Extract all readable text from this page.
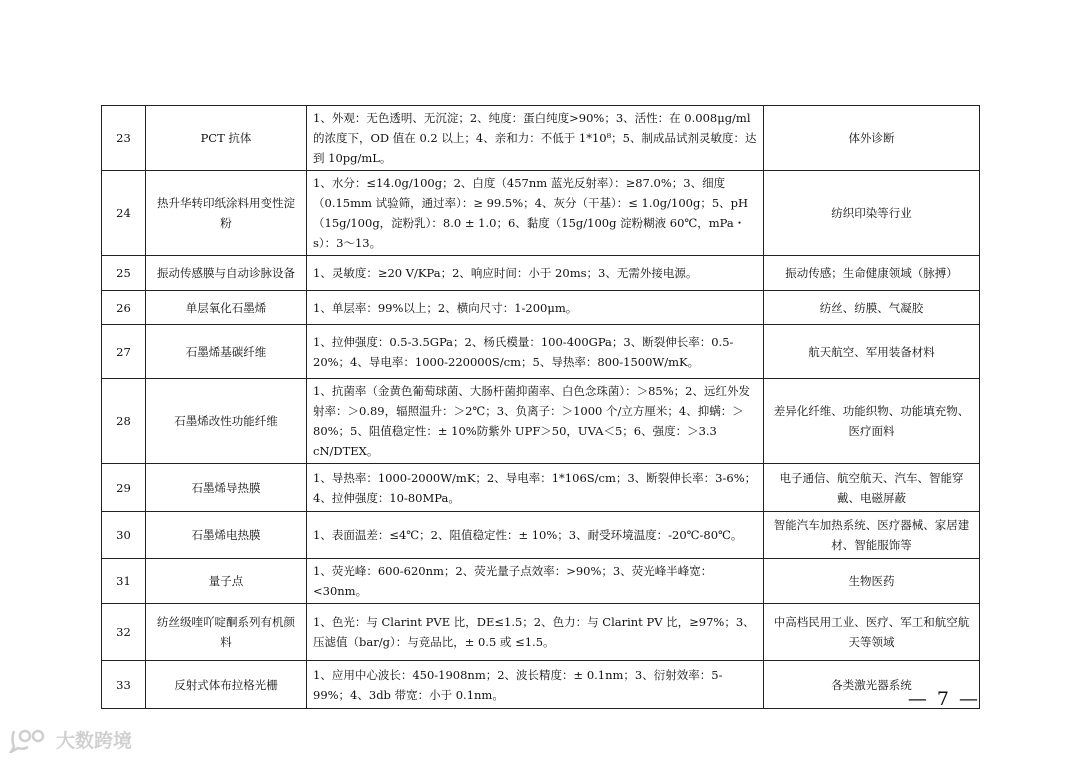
23	PCT 抗体	1、外观：无色透明、无沉淀；2、纯度：蛋白纯度>90%；3、活性：在 0.008μg/ml 的浓度下，OD 值在 0.2 以上；4、亲和力：不低于 1*10⁸；5、制成品试剂灵敏度：达到 10pg/mL。	体外诊断
24	热升华转印纸涂料用变性淀粉	1、水分：≤14.0g/100g；2、白度（457nm 蓝光反射率）：≥87.0%；3、细度（0.15mm 试验筛，通过率）：≥ 99.5%；4、灰分（干基）：≤ 1.0g/100g；5、pH（15g/100g，淀粉乳）：8.0 ± 1.0；6、黏度（15g/100g 淀粉糊液 60℃，mPa・s）：3～13。	纺织印染等行业
25	振动传感膜与自动诊脉设备	1、灵敏度：≥20 V/KPa；2、响应时间：小于 20ms；3、无需外接电源。	振动传感；生命健康领域（脉搏）
26	单层氧化石墨烯	1、单层率：99%以上；2、横向尺寸：1-200μm。	纺丝、纺膜、气凝胶
27	石墨烯基碳纤维	1、拉伸强度：0.5-3.5GPa；2、杨氏模量：100-400GPa；3、断裂伸长率：0.5-20%；4、导电率：1000-220000S/cm；5、导热率：800-1500W/mK。	航天航空、军用装备材料
28	石墨烯改性功能纤维	1、抗菌率（金黄色葡萄球菌、大肠杆菌抑菌率、白色念珠菌）：＞85%；2、远红外发射率：＞0.89，辐照温升：＞2℃；3、负离子：＞1000 个/立方厘米；4、抑螨：＞80%；5、阻值稳定性：± 10%防紫外 UPF＞50，UVA＜5；6、强度：＞3.3 cN/DTEX。	差异化纤维、功能织物、功能填充物、医疗面料
29	石墨烯导热膜	1、导热率：1000-2000W/mK；2、导电率：1*106S/cm；3、断裂伸长率：3-6%；4、拉伸强度：10-80MPa。	电子通信、航空航天、汽车、智能穿戴、电磁屏蔽
30	石墨烯电热膜	1、表面温差：≤4℃；2、阻值稳定性：± 10%；3、耐受环境温度：-20℃-80℃。	智能汽车加热系统、医疗器械、家居建材、智能服饰等
31	量子点	1、荧光峰：600-620nm；2、荧光量子点效率：>90%；3、荧光峰半峰宽：<30nm。	生物医药
32	纺丝级喹吖啶酮系列有机颜料	1、色光：与 Clarint PVE 比，DE≤1.5；2、色力：与 Clarint PV 比，≥97%；3、压滤值（bar/g）：与竞品比，± 0.5 或 ≤1.5。	中高档民用工业、医疗、军工和航空航天等领域
33	反射式体布拉格光栅	1、应用中心波长：450-1908nm；2、波长精度：± 0.1nm；3、衍射效率：5-99%；4、3db 带宽：小于 0.1nm。	各类激光器系统
— 7 —
大数跨境
